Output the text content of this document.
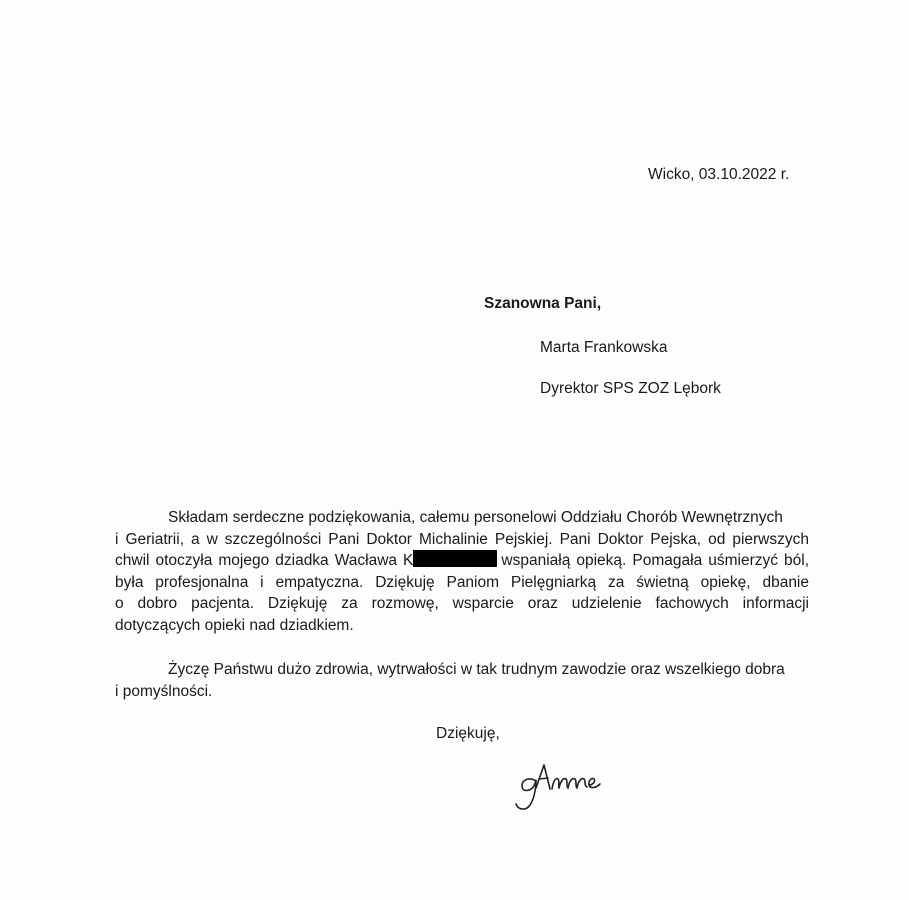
Wicko, 03.10.2022 r.
Szanowna Pani,
Marta Frankowska
Dyrektor SPS ZOZ Lębork
Składam serdeczne podziękowania, całemu personelowi Oddziału Chorób Wewnętrznych
i Geriatrii, a w szczególności Pani Doktor Michalinie Pejskiej. Pani Doktor Pejska, od pierwszych
chwil otoczyła mojego dziadka Wacława K	wspaniałą opieką. Pomagała uśmierzyć ból,
była profesjonalna i empatyczna. Dziękuję Paniom Pielęgniarką za świetną opiekę, dbanie
o dobro pacjenta. Dziękuję za rozmowę, wsparcie oraz udzielenie fachowych informacji
dotyczących opieki nad dziadkiem.
Życzę Państwu dużo zdrowia, wytrwałości w tak trudnym zawodzie oraz wszelkiego dobra
i pomyślności.
Dziękuję,
